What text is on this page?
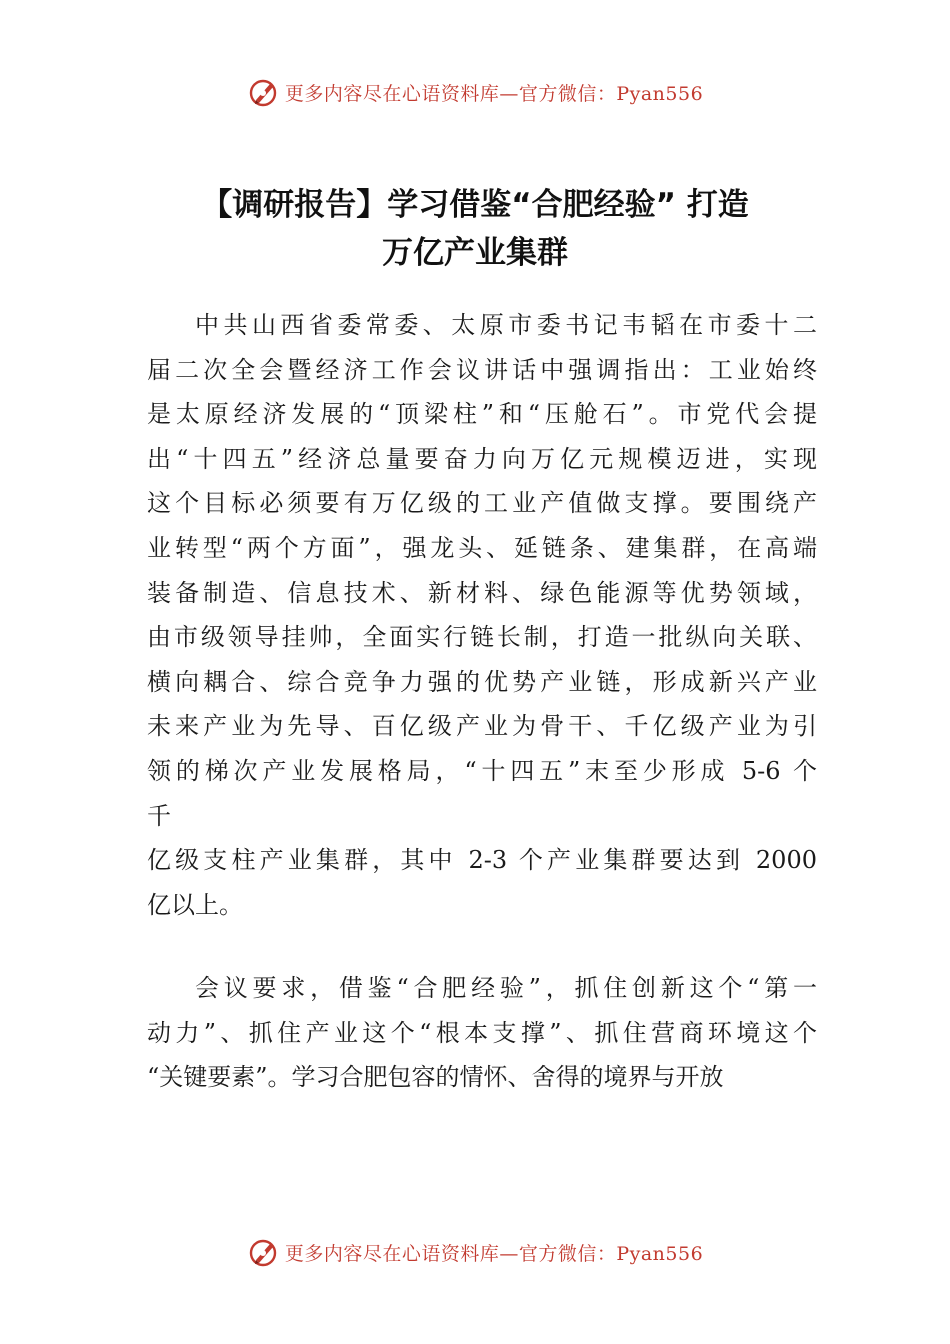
更多内容尽在心语资料库—官方微信：Pyan556
【调研报告】学习借鉴“合肥经验” 打造
万亿产业集群
中共山西省委常委、太原市委书记韦韬在市委十二
届二次全会暨经济工作会议讲话中强调指出：工业始终
是太原经济发展的“顶梁柱”和“压舱石”。市党代会提
出“十四五”经济总量要奋力向万亿元规模迈进，实现
这个目标必须要有万亿级的工业产值做支撑。要围绕产
业转型“两个方面”，强龙头、延链条、建集群，在高端
装备制造、信息技术、新材料、绿色能源等优势领域，
由市级领导挂帅，全面实行链长制，打造一批纵向关联、
横向耦合、综合竞争力强的优势产业链，形成新兴产业
未来产业为先导、百亿级产业为骨干、千亿级产业为引
领的梯次产业发展格局，“十四五”末至少形成 5-6 个
千
亿级支柱产业集群，其中 2-3 个产业集群要达到 2000
亿以上。
会议要求，借鉴“合肥经验”，抓住创新这个“第一
动力”、抓住产业这个“根本支撑”、抓住营商环境这个
“关键要素”。学习合肥包容的情怀、舍得的境界与开放
更多内容尽在心语资料库—官方微信：Pyan556
